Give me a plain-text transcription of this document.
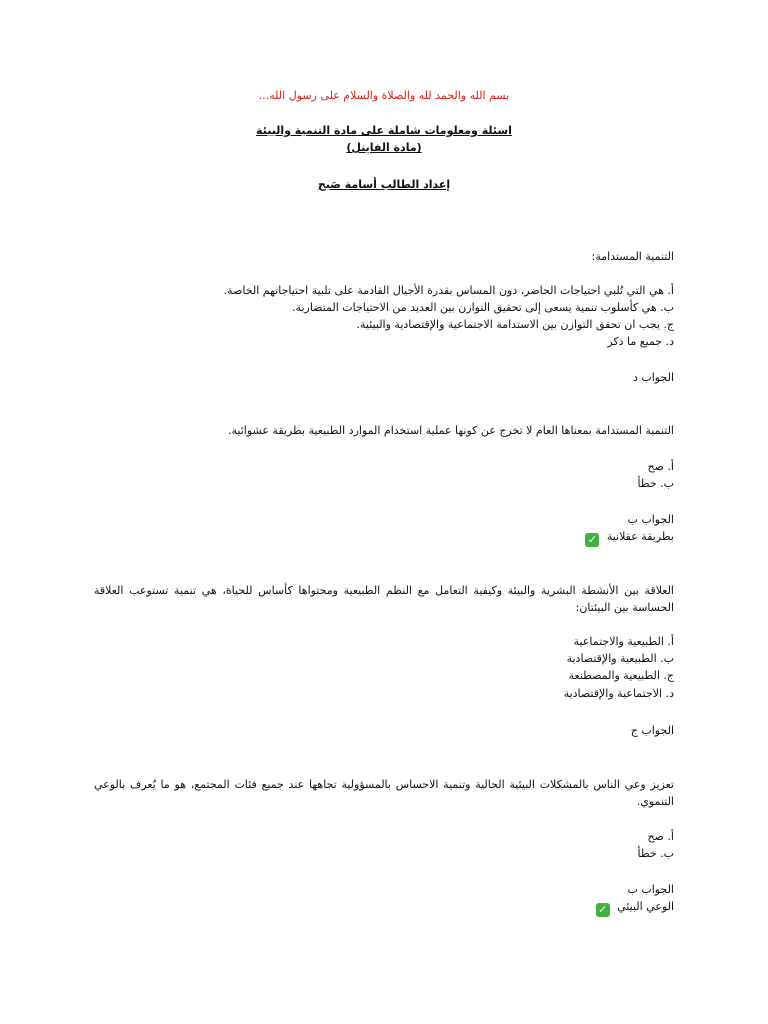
بسم الله والحمد لله والصلاة والسلام على رسول الله...
اسئلة ومعلومات شاملة على مادة التنمية والبيئة
(مادة الفاينل)
إعداد الطالب أسامة صَبح
التنمية المستدامة:
أ. هي التي تُلبي احتياجات الحاضر، دون المساس بقدرة الأجيال القادمة على تلبية احتياجاتهم الخاصة.
ب. هي كأسلوب تنمية يسعى إلى تحقيق التوازن بين العديد من الاحتياجات المتضاربة.
ج. يجب ان تحقق التوازن بين الاستدامة الاجتماعية والإقتصادية والبيئية.
د. جميع ما ذكر
الجواب د
التنمية المستدامة بمعناها العام لا تخرج عن كونها عملية استخدام الموارد الطبيعية بطريقة عشوائية.
أ. صح
ب. خطأ
الجواب ب
بطريقة عقلانية ✓
العلاقة بين الأنشطة البشرية والبيئة وكيفية التعامل مع النظم الطبيعية ومحتواها كأساس للحياة، هي تنمية تستوعب العلاقة الحساسة بين البيئتان:
أ. الطبيعية والاجتماعية
ب. الطبيعية والإقتصادية
ج. الطبيعية والمصطنعة
د. الاجتماعية والإقتصادية
الجواب ج
تعزيز وعي الناس بالمشكلات البيئية الحالية وتنمية الاحساس بالمسؤولية تجاهها عند جميع فئات المجتمع، هو ما يُعرف بالوعي التنموي.
أ. صح
ب. خطأ
الجواب ب
الوعي البيئي ✓
